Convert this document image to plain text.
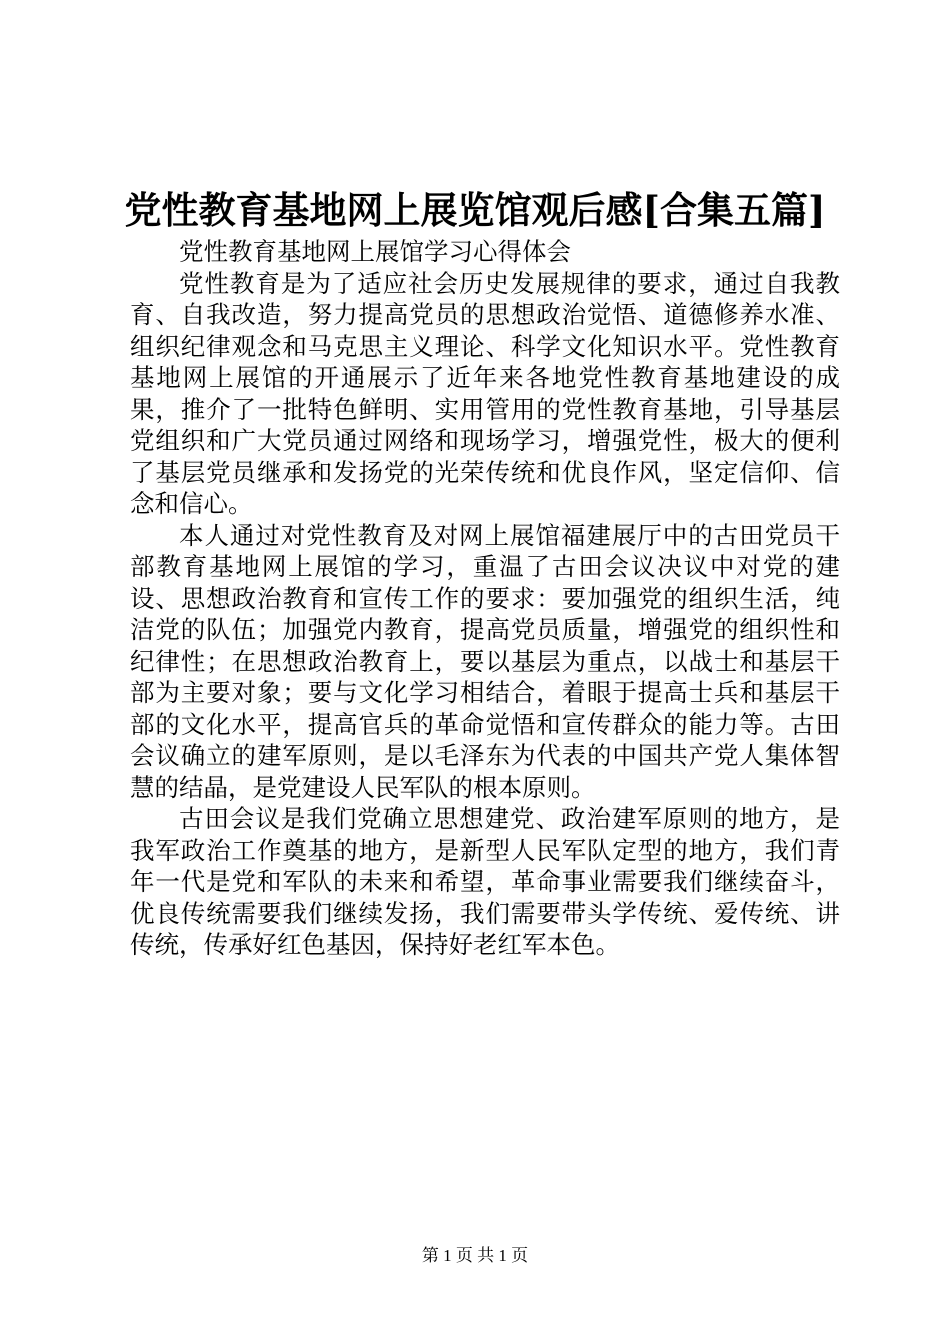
党性教育基地网上展览馆观后感[合集五篇]

党性教育基地网上展馆学习心得体会

党性教育是为了适应社会历史发展规律的要求，通过自我教育、自我改造，努力提高党员的思想政治觉悟、道德修养水准、组织纪律观念和马克思主义理论、科学文化知识水平。党性教育基地网上展馆的开通展示了近年来各地党性教育基地建设的成果，推介了一批特色鲜明、实用管用的党性教育基地，引导基层党组织和广大党员通过网络和现场学习，增强党性，极大的便利了基层党员继承和发扬党的光荣传统和优良作风，坚定信仰、信念和信心。

本人通过对党性教育及对网上展馆福建展厅中的古田党员干部教育基地网上展馆的学习，重温了古田会议决议中对党的建设、思想政治教育和宣传工作的要求：要加强党的组织生活，纯洁党的队伍；加强党内教育，提高党员质量，增强党的组织性和纪律性；在思想政治教育上，要以基层为重点，以战士和基层干部为主要对象；要与文化学习相结合，着眼于提高士兵和基层干部的文化水平，提高官兵的革命觉悟和宣传群众的能力等。古田会议确立的建军原则，是以毛泽东为代表的中国共产党人集体智慧的结晶，是党建设人民军队的根本原则。

古田会议是我们党确立思想建党、政治建军原则的地方，是我军政治工作奠基的地方，是新型人民军队定型的地方，我们青年一代是党和军队的未来和希望，革命事业需要我们继续奋斗，优良传统需要我们继续发扬，我们需要带头学传统、爱传统、讲传统，传承好红色基因，保持好老红军本色。

第 1 页 共 1 页
